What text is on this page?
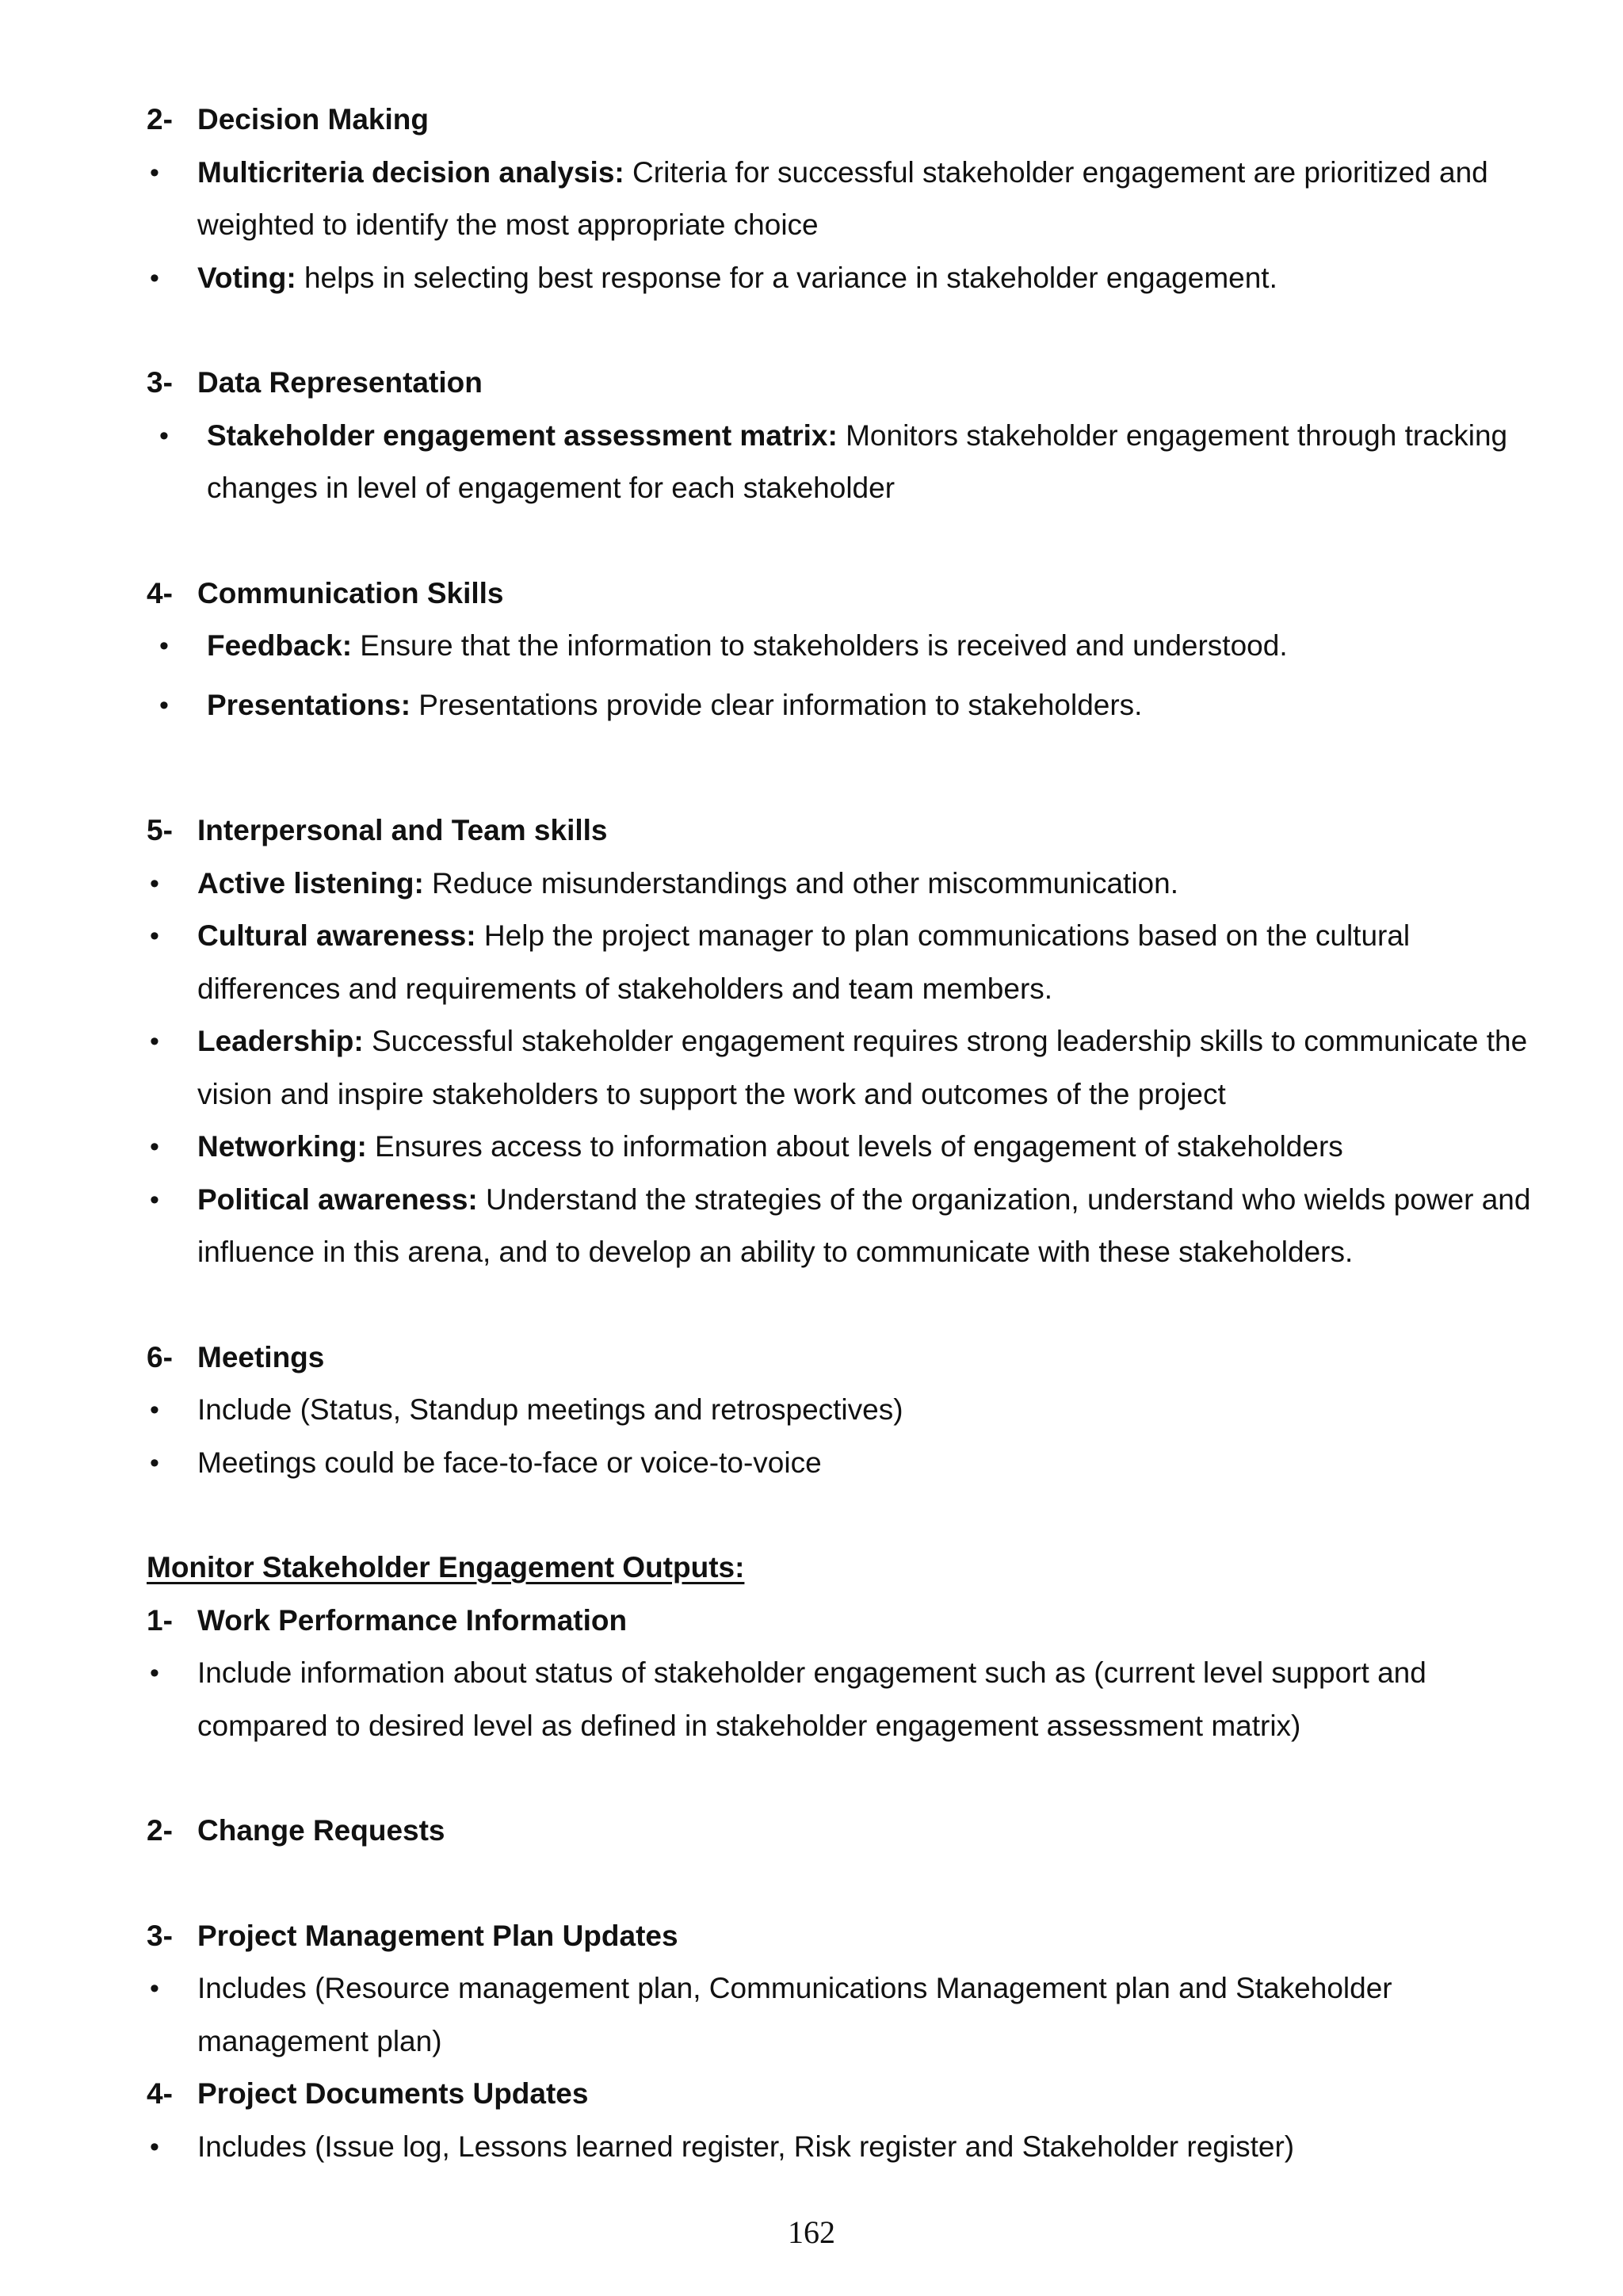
2- Decision Making
• Multicriteria decision analysis: Criteria for successful stakeholder engagement are prioritized and weighted to identify the most appropriate choice
• Voting: helps in selecting best response for a variance in stakeholder engagement.
3- Data Representation
• Stakeholder engagement assessment matrix: Monitors stakeholder engagement through tracking changes in level of engagement for each stakeholder
4- Communication Skills
• Feedback: Ensure that the information to stakeholders is received and understood.
• Presentations: Presentations provide clear information to stakeholders.
5- Interpersonal and Team skills
• Active listening: Reduce misunderstandings and other miscommunication.
• Cultural awareness: Help the project manager to plan communications based on the cultural differences and requirements of stakeholders and team members.
• Leadership: Successful stakeholder engagement requires strong leadership skills to communicate the vision and inspire stakeholders to support the work and outcomes of the project
• Networking: Ensures access to information about levels of engagement of stakeholders
• Political awareness: Understand the strategies of the organization, understand who wields power and influence in this arena, and to develop an ability to communicate with these stakeholders.
6- Meetings
• Include (Status, Standup meetings and retrospectives)
• Meetings could be face-to-face or voice-to-voice
Monitor Stakeholder Engagement Outputs:
1- Work Performance Information
• Include information about status of stakeholder engagement such as (current level support and compared to desired level as defined in stakeholder engagement assessment matrix)
2- Change Requests
3- Project Management Plan Updates
• Includes (Resource management plan, Communications Management plan and Stakeholder management plan)
4- Project Documents Updates
• Includes (Issue log, Lessons learned register, Risk register and Stakeholder register)
162
